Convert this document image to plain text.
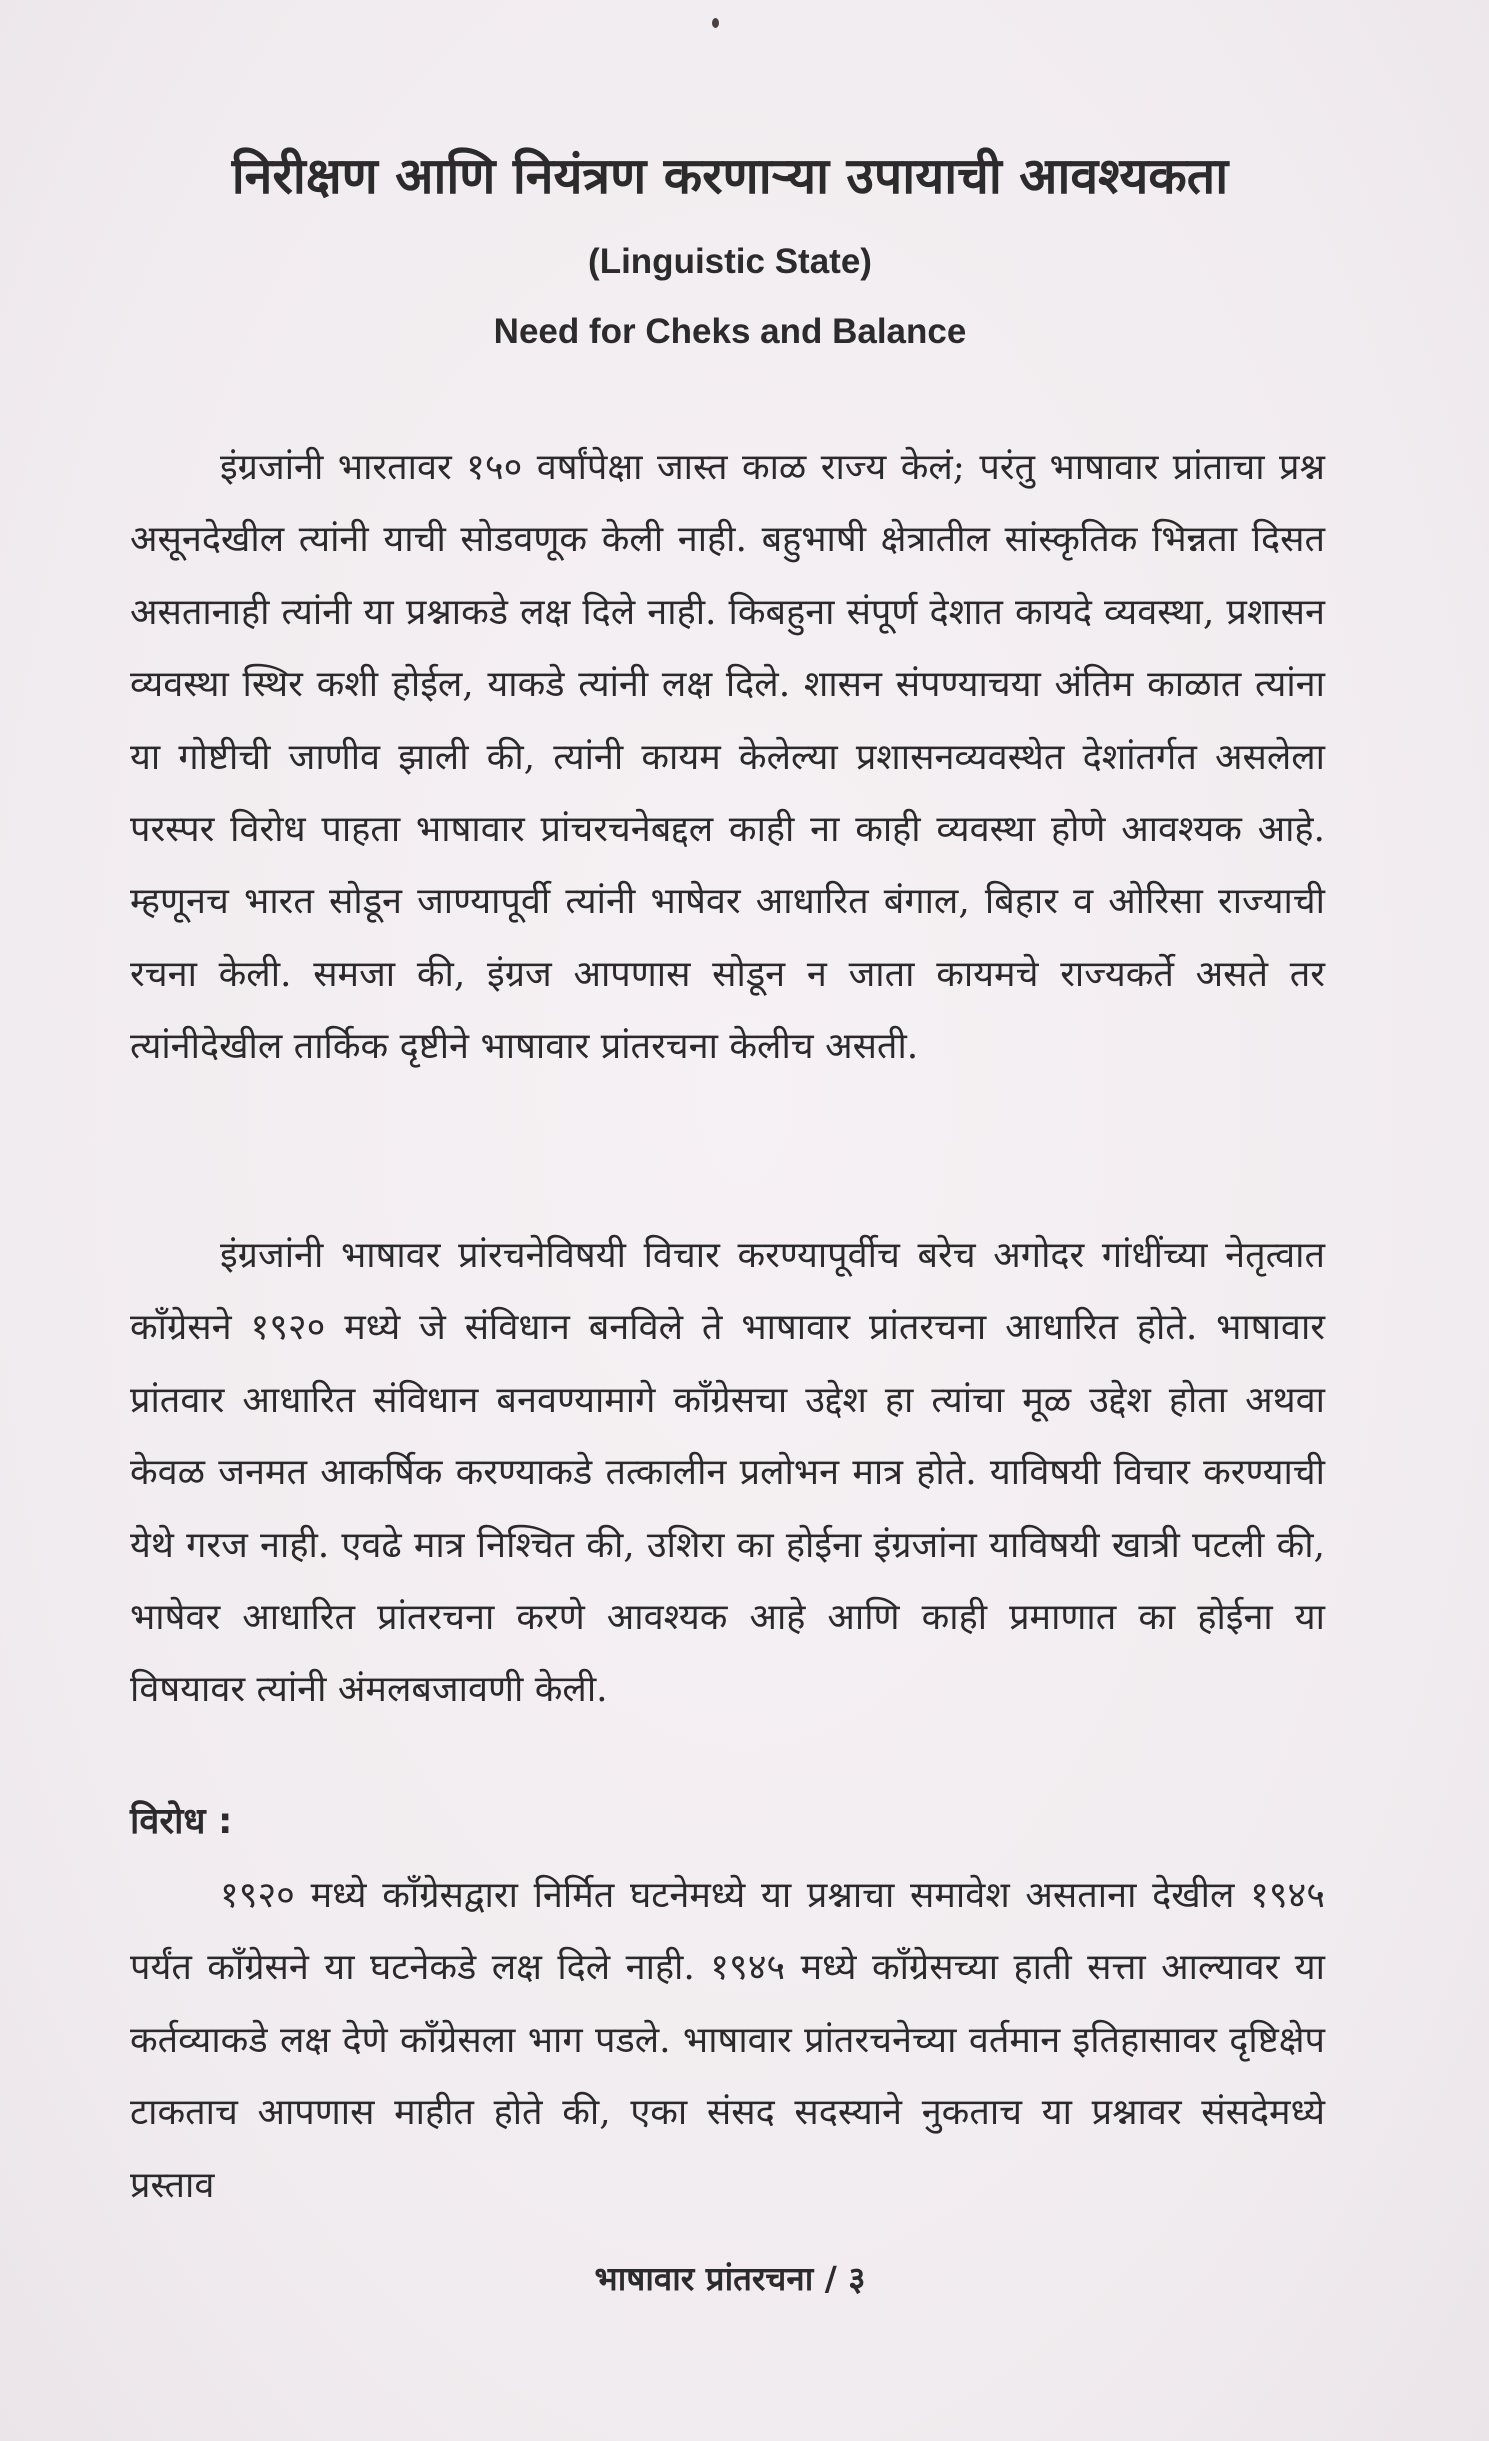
निरीक्षण आणि नियंत्रण करणाऱ्या उपायाची आवश्यकता
(Linguistic State)
Need for Cheks and Balance

इंग्रजांनी भारतावर १५० वर्षांपेक्षा जास्त काळ राज्य केलं; परंतु भाषावार प्रांताचा प्रश्न असूनदेखील त्यांनी याची सोडवणूक केली नाही. बहुभाषी क्षेत्रातील सांस्कृतिक भिन्नता दिसत असतानाही त्यांनी या प्रश्नाकडे लक्ष दिले नाही. किबहुना संपूर्ण देशात कायदे व्यवस्था, प्रशासन व्यवस्था स्थिर कशी होईल, याकडे त्यांनी लक्ष दिले. शासन संपण्याचया अंतिम काळात त्यांना या गोष्टीची जाणीव झाली की, त्यांनी कायम केलेल्या प्रशासनव्यवस्थेत देशांतर्गत असलेला परस्पर विरोध पाहता भाषावार प्रांचरचनेबद्दल काही ना काही व्यवस्था होणे आवश्यक आहे. म्हणूनच भारत सोडून जाण्यापूर्वी त्यांनी भाषेवर आधारित बंगाल, बिहार व ओरिसा राज्याची रचना केली. समजा की, इंग्रज आपणास सोडून न जाता कायमचे राज्यकर्ते असते तर त्यांनीदेखील तार्किक दृष्टीने भाषावार प्रांतरचना केलीच असती.

इंग्रजांनी भाषावर प्रांरचनेविषयी विचार करण्यापूर्वीच बरेच अगोदर गांधींच्या नेतृत्वात काँग्रेसने १९२० मध्ये जे संविधान बनविले ते भाषावार प्रांतरचना आधारित होते. भाषावार प्रांतवार आधारित संविधान बनवण्यामागे काँग्रेसचा उद्देश हा त्यांचा मूळ उद्देश होता अथवा केवळ जनमत आकर्षिक करण्याकडे तत्कालीन प्रलोभन मात्र होते. याविषयी विचार करण्याची येथे गरज नाही. एवढे मात्र निश्चित की, उशिरा का होईना इंग्रजांना याविषयी खात्री पटली की, भाषेवर आधारित प्रांतरचना करणे आवश्यक आहे आणि काही प्रमाणात का होईना या विषयावर त्यांनी अंमलबजावणी केली.

विरोध :

१९२० मध्ये काँग्रेसद्वारा निर्मित घटनेमध्ये या प्रश्नाचा समावेश असताना देखील १९४५ पर्यंत काँग्रेसने या घटनेकडे लक्ष दिले नाही. १९४५ मध्ये काँग्रेसच्या हाती सत्ता आल्यावर या कर्तव्याकडे लक्ष देणे काँग्रेसला भाग पडले. भाषावार प्रांतरचनेच्या वर्तमान इतिहासावर दृष्टिक्षेप टाकताच आपणास माहीत होते की, एका संसद सदस्याने नुकताच या प्रश्नावर संसदेमध्ये प्रस्ताव

भाषावार प्रांतरचना / ३
